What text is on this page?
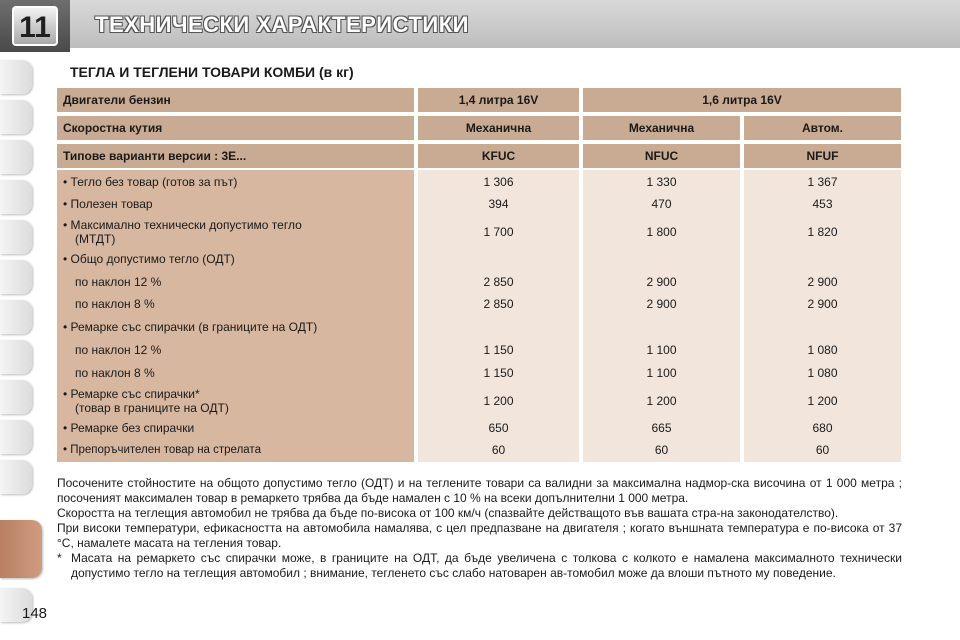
11	ТЕХНИЧЕСКИ ХАРАКТЕРИСТИКИ
ТЕГЛА И ТЕГЛЕНИ ТОВАРИ КОМБИ (в кг)
Двигатели бензин	1,4 литра 16V	1,6 литра 16V
Скоростна кутия	Механична	Механична	Автом.
Типове варианти версии : 3E...	KFUC	NFUC	NFUF
• Тегло без товар (готов за път)	1 306	1 330	1 367
• Полезен товар	394	470	453
• Максимално технически допустимо тегло
(МТДТ)	1 700	1 800	1 820
• Общо допустимо тегло (ОДТ)
по наклон 12 %	2 850	2 900	2 900
по наклон 8 %	2 850	2 900	2 900
• Ремарке със спирачки (в границите на ОДТ)
по наклон 12 %	1 150	1 100	1 080
по наклон 8 %	1 150	1 100	1 080
• Ремарке със спирачки*
(товар в границите на ОДТ)	1 200	1 200	1 200
• Ремарке без спирачки	650	665	680
• Препоръчителен товар на стрелата	60	60	60

Посочените стойностите на общото допустимо тегло (ОДТ) и на теглените товари са валидни за максимална надмор-ска височина от 1 000 метра ; посоченият максимален товар в ремаркето трябва да бъде намален с 10 % на всеки допълнителни 1 000 метра.

Скоростта на теглещия автомобил не трябва да бъде по-висока от 100 км/ч (спазвайте действащото във вашата стра-на законодателство).

При високи температури, ефикасността на автомобила намалява, с цел предпазване на двигателя ; когато външната температура е по-висока от 37 °С, намалете масата на тегления товар.

* Масата на ремаркето със спирачки може, в границите на ОДТ, да бъде увеличена с толкова с колкото е намалена максималното технически допустимо тегло на теглещия автомобил ; внимание, тегленето със слабо натоварен ав-томобил може да влоши пътното му поведение.
148
